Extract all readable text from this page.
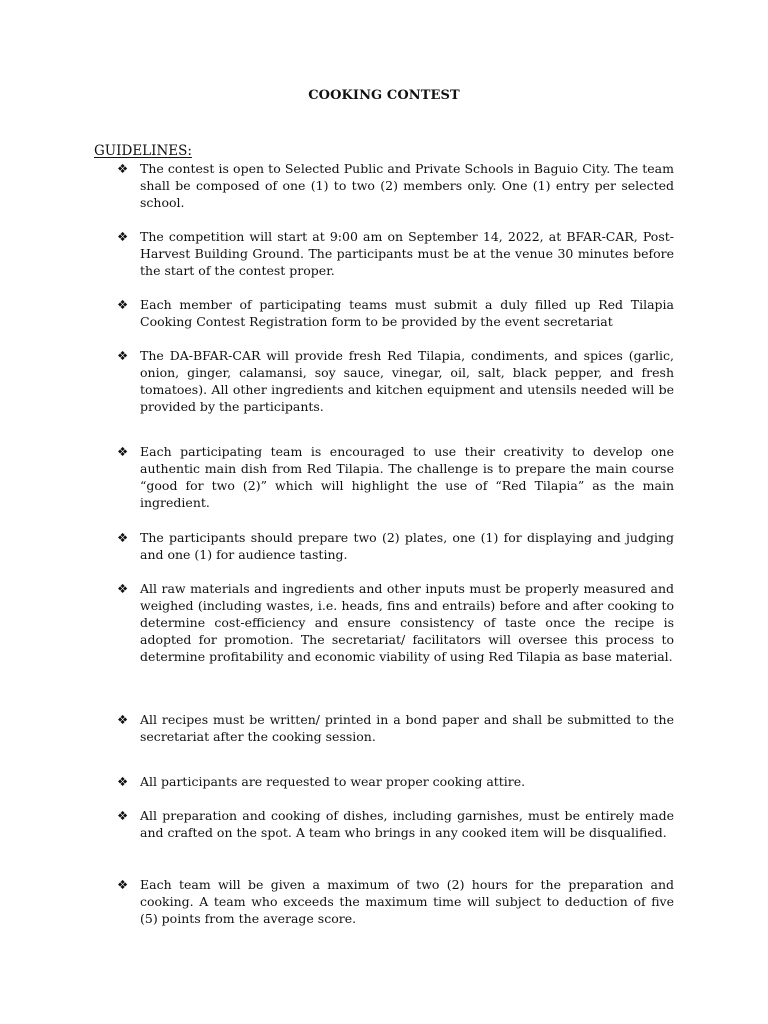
COOKING CONTEST
GUIDELINES:
❖ The contest is open to Selected Public and Private Schools in Baguio City. The team shall be composed of one (1) to two (2) members only. One (1) entry per selected school.
❖ The competition will start at 9:00 am on September 14, 2022, at BFAR-CAR, Post-Harvest Building Ground. The participants must be at the venue 30 minutes before the start of the contest proper.
❖ Each member of participating teams must submit a duly filled up Red Tilapia Cooking Contest Registration form to be provided by the event secretariat
❖ The DA-BFAR-CAR will provide fresh Red Tilapia, condiments, and spices (garlic, onion, ginger, calamansi, soy sauce, vinegar, oil, salt, black pepper, and fresh tomatoes). All other ingredients and kitchen equipment and utensils needed will be provided by the participants.
❖ Each participating team is encouraged to use their creativity to develop one authentic main dish from Red Tilapia. The challenge is to prepare the main course “good for two (2)” which will highlight the use of “Red Tilapia” as the main ingredient.
❖ The participants should prepare two (2) plates, one (1) for displaying and judging and one (1) for audience tasting.
❖ All raw materials and ingredients and other inputs must be properly measured and weighed (including wastes, i.e. heads, fins and entrails) before and after cooking to determine cost-efficiency and ensure consistency of taste once the recipe is adopted for promotion. The secretariat/ facilitators will oversee this process to determine profitability and economic viability of using Red Tilapia as base material.
❖ All recipes must be written/ printed in a bond paper and shall be submitted to the secretariat after the cooking session.
❖ All participants are requested to wear proper cooking attire.
❖ All preparation and cooking of dishes, including garnishes, must be entirely made and crafted on the spot. A team who brings in any cooked item will be disqualified.
❖ Each team will be given a maximum of two (2) hours for the preparation and cooking. A team who exceeds the maximum time will subject to deduction of five (5) points from the average score.
